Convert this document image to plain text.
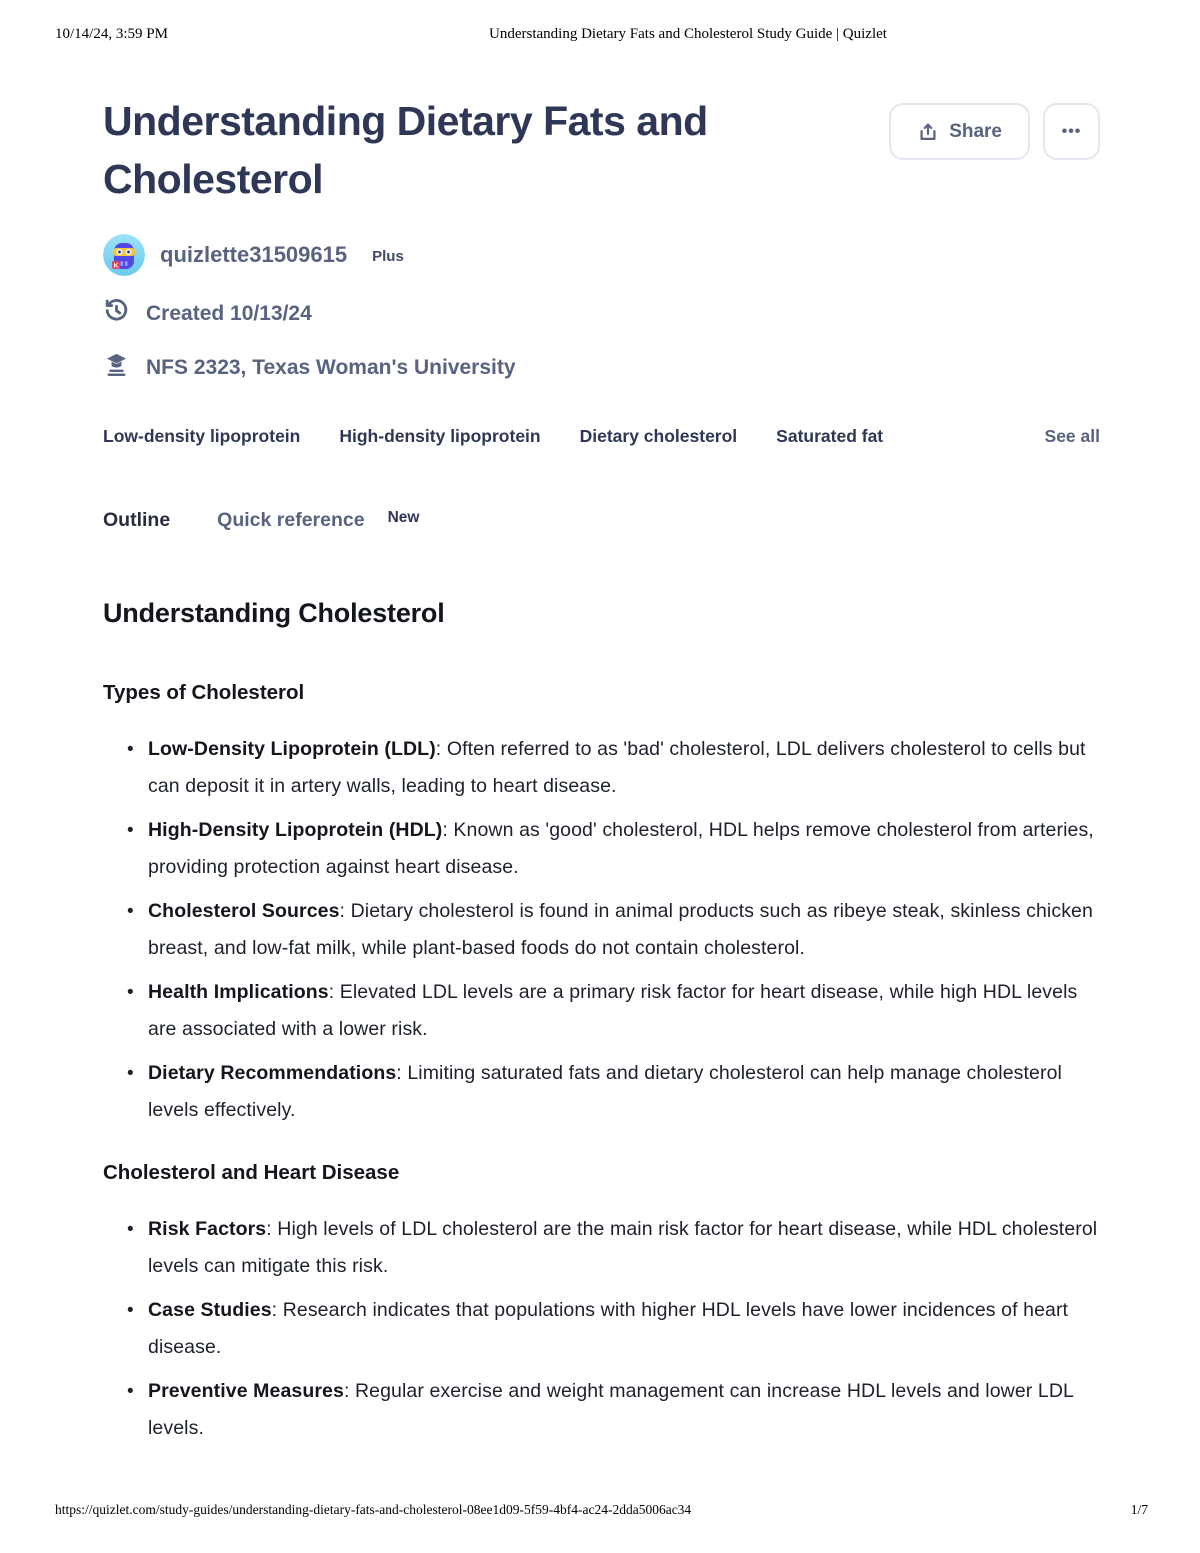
10/14/24, 3:59 PM	Understanding Dietary Fats and Cholesterol Study Guide | Quizlet
Share	•••
Understanding Dietary Fats and Cholesterol
K quizlette31509615 Plus
Created 10/13/24
NFS 2323, Texas Woman's University
Low-density lipoprotein High-density lipoprotein Dietary cholesterol Saturated fat	See all
Outline Quick reference New
Understanding Cholesterol
Types of Cholesterol
• Low-Density Lipoprotein (LDL): Often referred to as 'bad' cholesterol, LDL delivers cholesterol to cells but can deposit it in artery walls, leading to heart disease.
• High-Density Lipoprotein (HDL): Known as 'good' cholesterol, HDL helps remove cholesterol from arteries, providing protection against heart disease.
• Cholesterol Sources: Dietary cholesterol is found in animal products such as ribeye steak, skinless chicken breast, and low-fat milk, while plant-based foods do not contain cholesterol.
• Health Implications: Elevated LDL levels are a primary risk factor for heart disease, while high HDL levels are associated with a lower risk.
• Dietary Recommendations: Limiting saturated fats and dietary cholesterol can help manage cholesterol levels effectively.
Cholesterol and Heart Disease
• Risk Factors: High levels of LDL cholesterol are the main risk factor for heart disease, while HDL cholesterol levels can mitigate this risk.
• Case Studies: Research indicates that populations with higher HDL levels have lower incidences of heart disease.
• Preventive Measures: Regular exercise and weight management can increase HDL levels and lower LDL levels.
https://quizlet.com/study-guides/understanding-dietary-fats-and-cholesterol-08ee1d09-5f59-4bf4-ac24-2dda5006ac34	1/7
